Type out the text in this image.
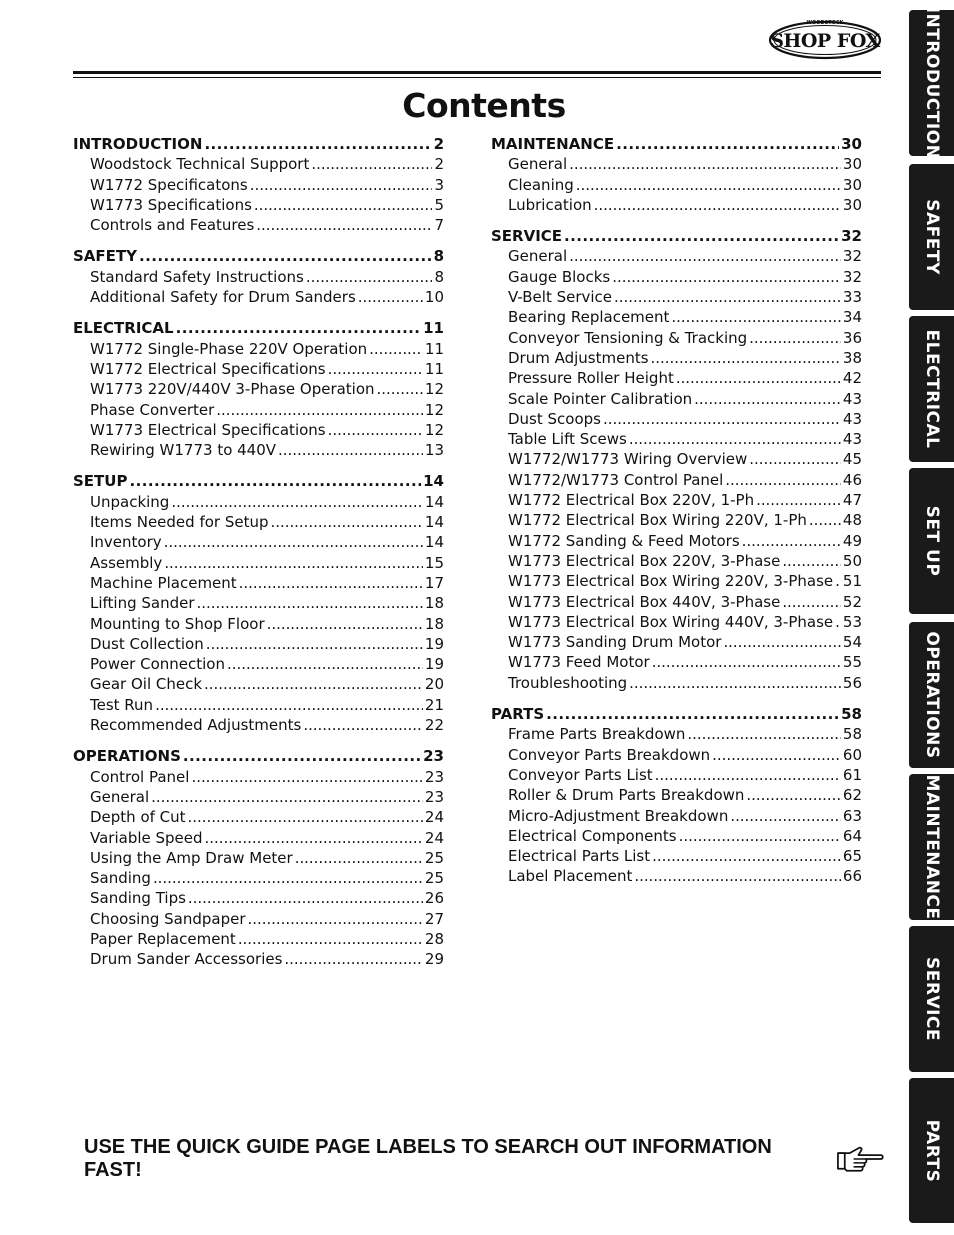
WOODSTOCK
SHOP FOX
Contents
INTRODUCTION . . .	2
Woodstock Technical Support . . .	2
W1772 Specificatons . . .	3
W1773 Specifications . . .	5
Controls and Features . . .	7
SAFETY . . .	8
Standard Safety Instructions . . .	8
Additional Safety for Drum Sanders . . .	10
ELECTRICAL . . .	11
W1772 Single-Phase 220V Operation . . .	11
W1772 Electrical Specifications . . .	11
W1773 220V/440V 3-Phase Operation . . .	12
Phase Converter . . .	12
W1773 Electrical Specifications . . .	12
Rewiring W1773 to 440V . . .	13
SETUP . . .	14
Unpacking . . .	14
Items Needed for Setup . . .	14
Inventory . . .	14
Assembly . . .	15
Machine Placement . . .	17
Lifting Sander . . .	18
Mounting to Shop Floor . . .	18
Dust Collection . . .	19
Power Connection . . .	19
Gear Oil Check . . .	20
Test Run . . .	21
Recommended Adjustments . . .	22
OPERATIONS . . .	23
Control Panel . . .	23
General . . .	23
Depth of Cut . . .	24
Variable Speed . . .	24
Using the Amp Draw Meter . . .	25
Sanding . . .	25
Sanding Tips . . .	26
Choosing Sandpaper . . .	27
Paper Replacement . . .	28
Drum Sander Accessories . . .	29
MAINTENANCE . . .	30
General . . .	30
Cleaning . . .	30
Lubrication . . .	30
SERVICE . . .	32
General . . .	32
Gauge Blocks . . .	32
V-Belt Service . . .	33
Bearing Replacement . . .	34
Conveyor Tensioning & Tracking . . .	36
Drum Adjustments . . .	38
Pressure Roller Height . . .	42
Scale Pointer Calibration . . .	43
Dust Scoops . . .	43
Table Lift Scews . . .	43
W1772/W1773 Wiring Overview . . .	45
W1772/W1773 Control Panel . . .	46
W1772 Electrical Box 220V, 1-Ph . . .	47
W1772 Electrical Box Wiring 220V, 1-Ph . . . 48
W1772 Sanding & Feed Motors . . .	49
W1773 Electrical Box 220V, 3-Phase . . .	50
W1773 Electrical Box Wiring 220V, 3-Phase . . . 51
W1773 Electrical Box 440V, 3-Phase . . .	52
W1773 Electrical Box Wiring 440V, 3-Phase . . . 53
W1773 Sanding Drum Motor . . .	54
W1773 Feed Motor . . .	55
Troubleshooting . . .	56
PARTS . . .	58
Frame Parts Breakdown . . .	58
Conveyor Parts Breakdown . . .	60
Conveyor Parts List . . .	61
Roller & Drum Parts Breakdown . . .	62
Micro-Adjustment Breakdown . . .	63
Electrical Components . . .	64
Electrical Parts List . . .	65
Label Placement . . .	66
INTRODUCTION
SAFETY
ELECTRICAL
SET UP
OPERATIONS
MAINTENANCE
SERVICE
PARTS
USE THE QUICK GUIDE PAGE LABELS TO SEARCH OUT INFORMATION FAST!
